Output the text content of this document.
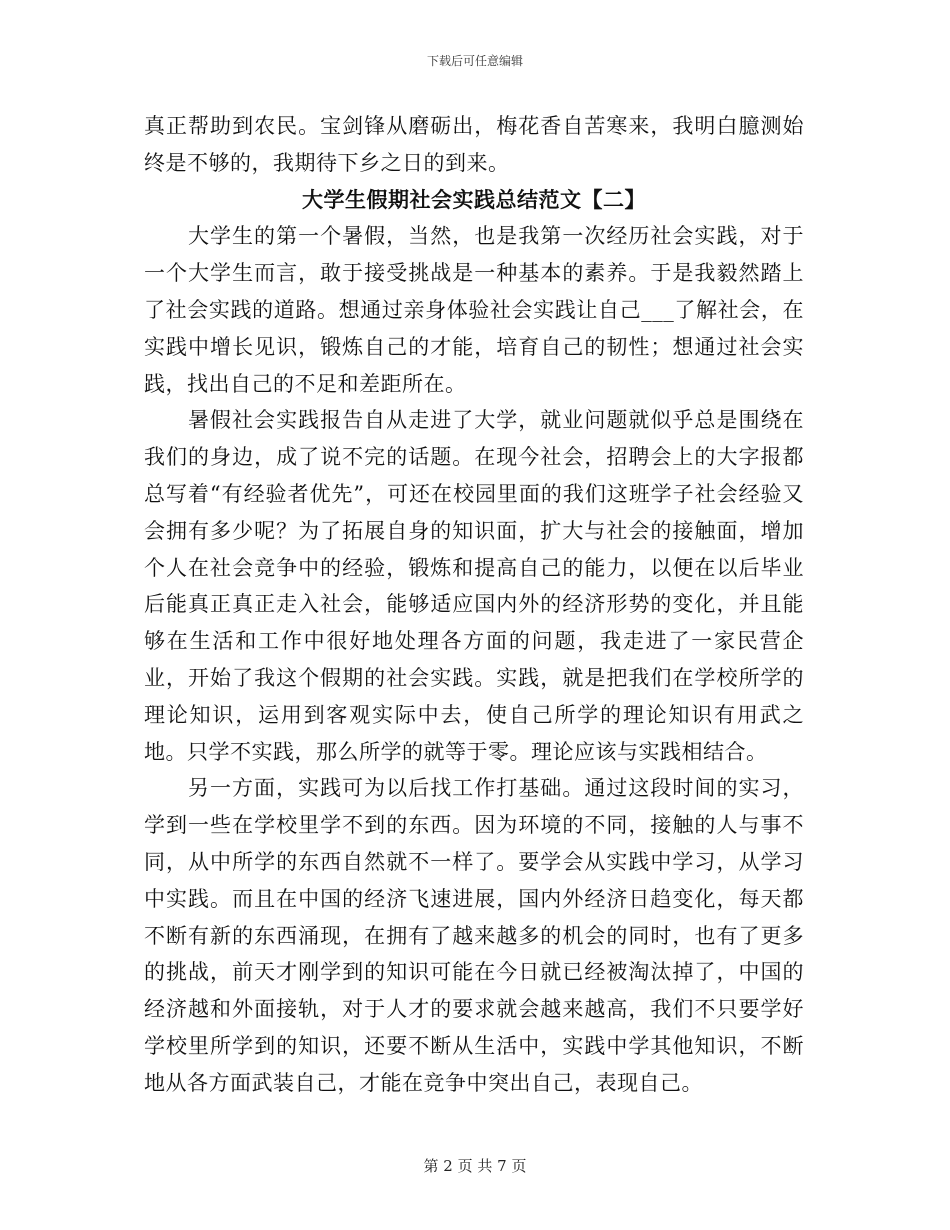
下载后可任意编辑

真正帮助到农民。宝剑锋从磨砺出，梅花香自苦寒来，我明白臆测始终是不够的，我期待下乡之日的到来。

大学生假期社会实践总结范文【二】

大学生的第一个暑假，当然，也是我第一次经历社会实践，对于一个大学生而言，敢于接受挑战是一种基本的素养。于是我毅然踏上了社会实践的道路。想通过亲身体验社会实践让自己___了解社会，在实践中增长见识，锻炼自己的才能，培育自己的韧性；想通过社会实践，找出自己的不足和差距所在。

暑假社会实践报告自从走进了大学，就业问题就似乎总是围绕在我们的身边，成了说不完的话题。在现今社会，招聘会上的大字报都总写着“有经验者优先”，可还在校园里面的我们这班学子社会经验又会拥有多少呢？为了拓展自身的知识面，扩大与社会的接触面，增加个人在社会竞争中的经验，锻炼和提高自己的能力，以便在以后毕业后能真正真正走入社会，能够适应国内外的经济形势的变化，并且能够在生活和工作中很好地处理各方面的问题，我走进了一家民营企业，开始了我这个假期的社会实践。实践，就是把我们在学校所学的理论知识，运用到客观实际中去，使自己所学的理论知识有用武之地。只学不实践，那么所学的就等于零。理论应该与实践相结合。

另一方面，实践可为以后找工作打基础。通过这段时间的实习，学到一些在学校里学不到的东西。因为环境的不同，接触的人与事不同，从中所学的东西自然就不一样了。要学会从实践中学习，从学习中实践。而且在中国的经济飞速进展，国内外经济日趋变化，每天都不断有新的东西涌现，在拥有了越来越多的机会的同时，也有了更多的挑战，前天才刚学到的知识可能在今日就已经被淘汰掉了，中国的经济越和外面接轨，对于人才的要求就会越来越高，我们不只要学好学校里所学到的知识，还要不断从生活中，实践中学其他知识，不断地从各方面武装自己，才能在竞争中突出自己，表现自己。

第 2 页 共 7 页
